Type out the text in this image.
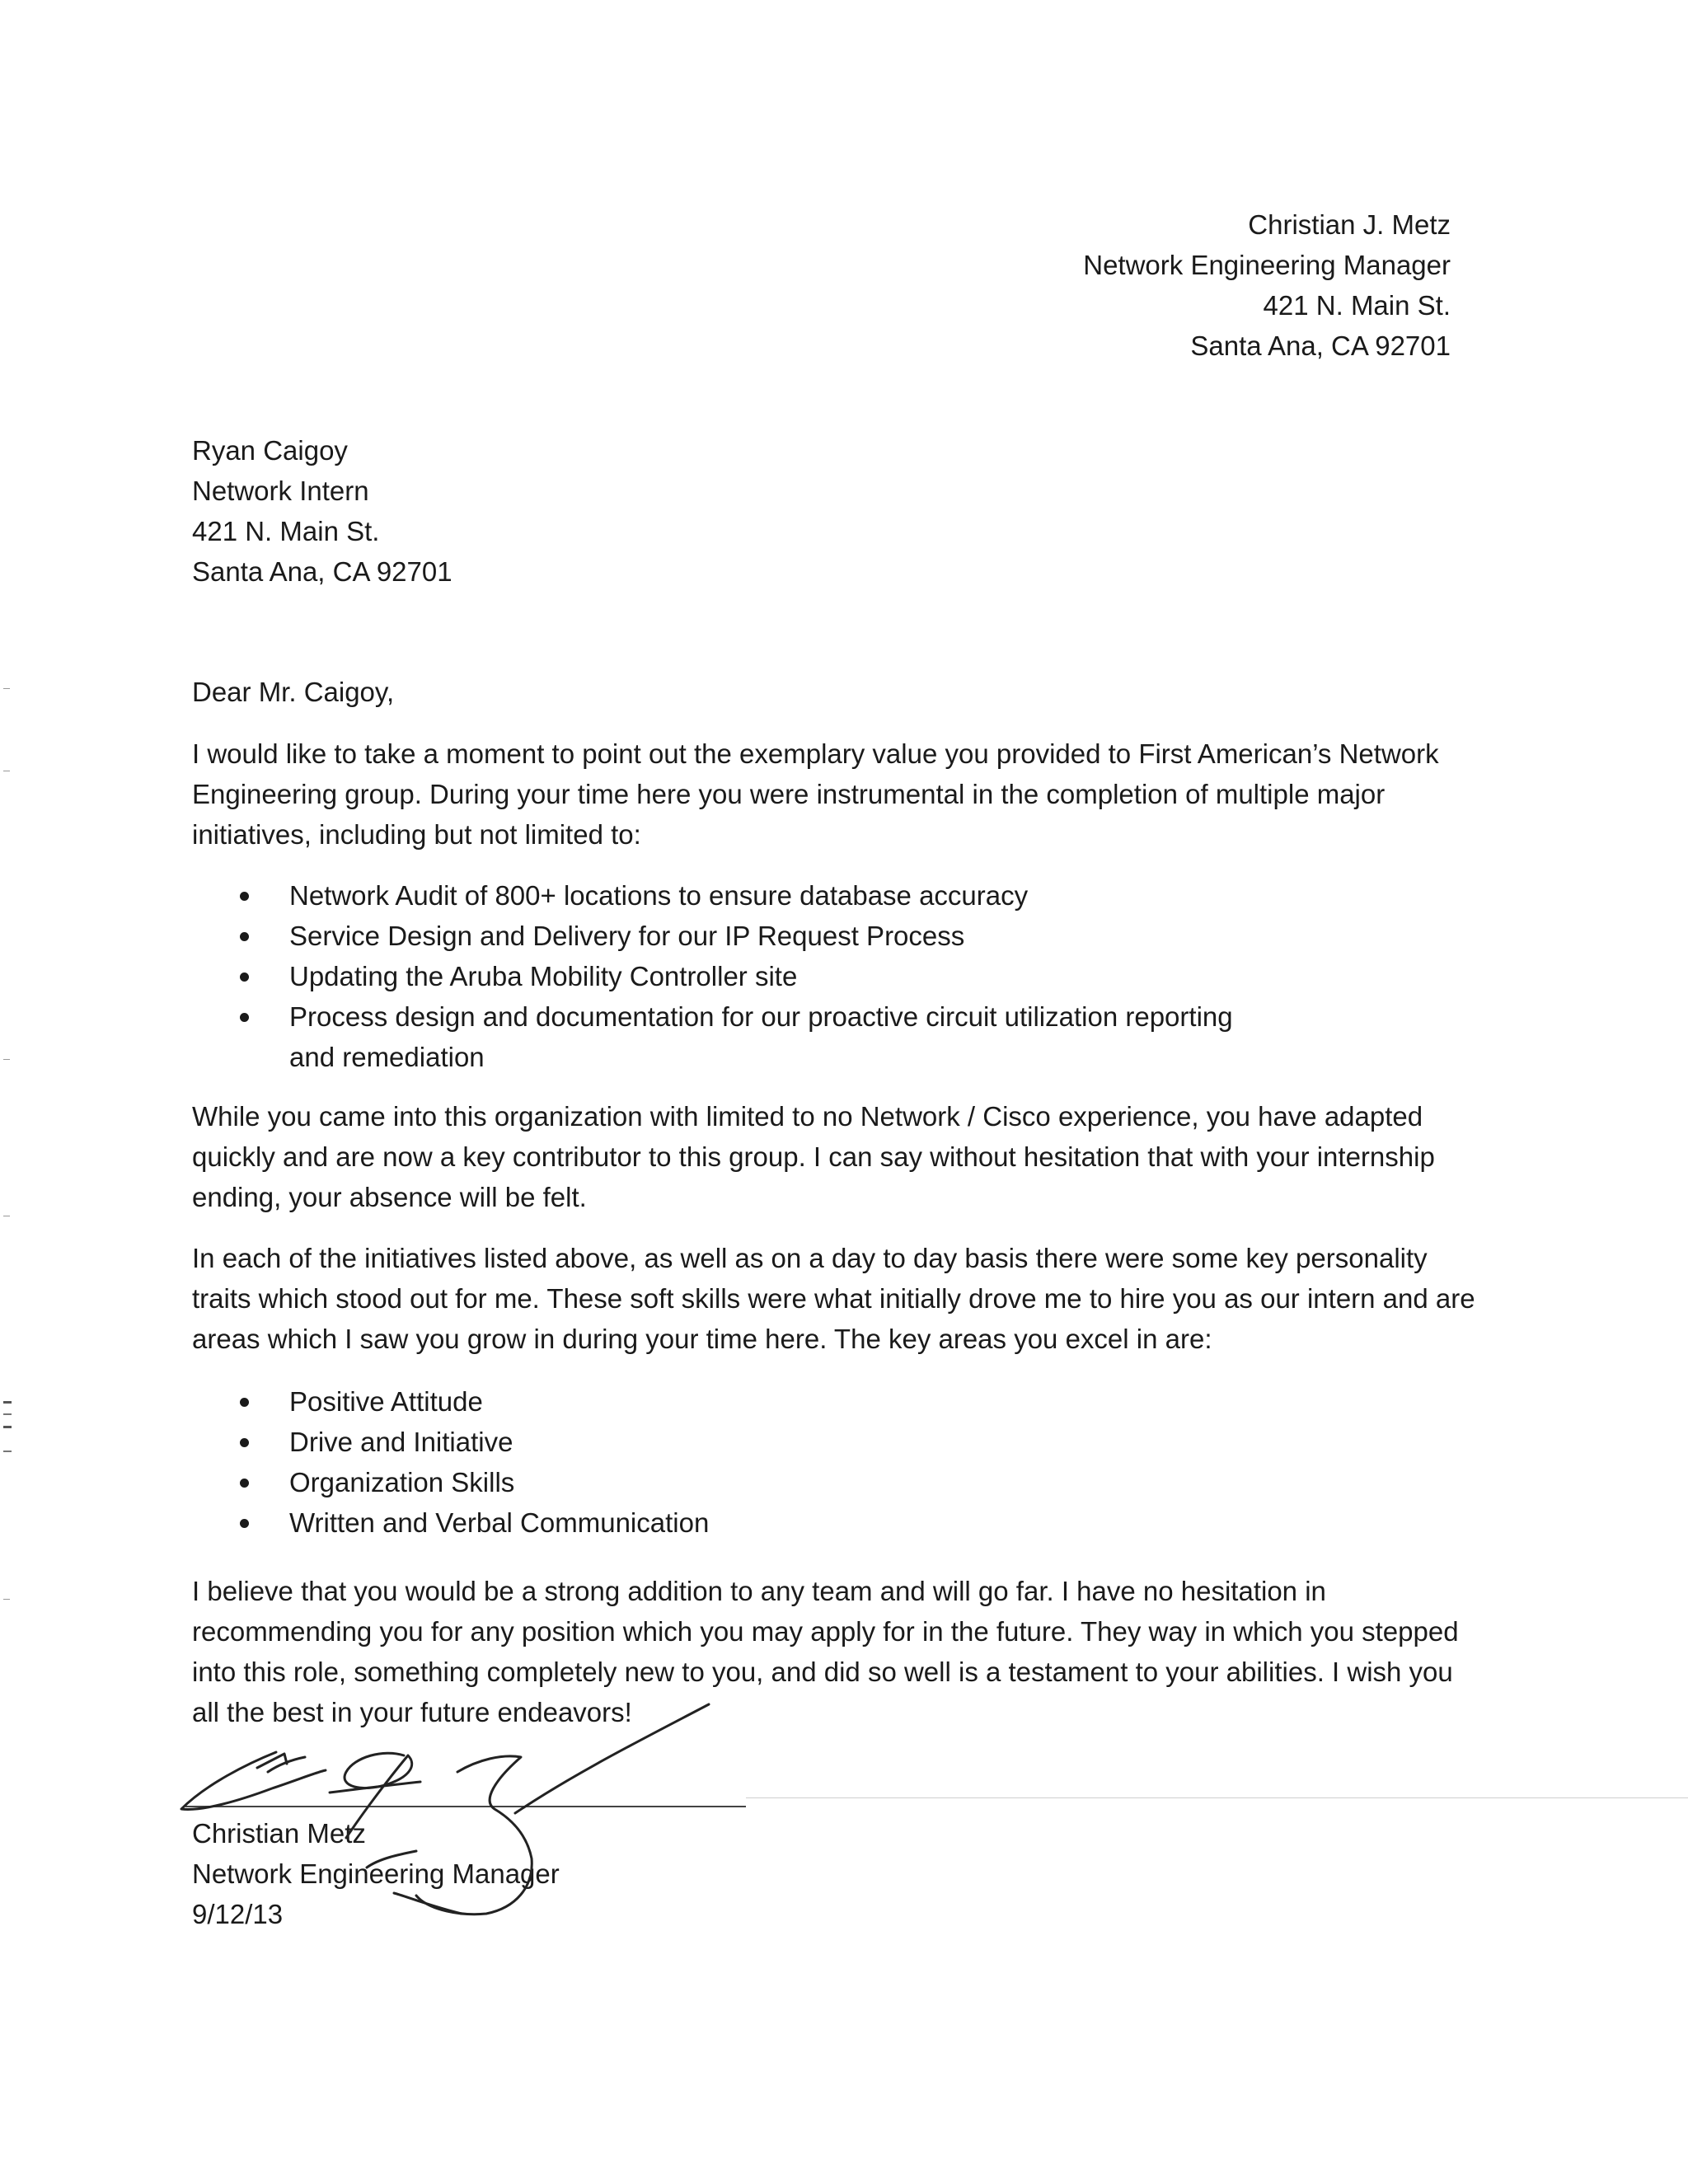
Christian J. Metz
Network Engineering Manager
421 N. Main St.
Santa Ana, CA 92701
Ryan Caigoy
Network Intern
421 N. Main St.
Santa Ana, CA 92701
Dear Mr. Caigoy,

I would like to take a moment to point out the exemplary value you provided to First American’s Network Engineering group. During your time here you were instrumental in the completion of multiple major initiatives, including but not limited to:

Network Audit of 800+ locations to ensure database accuracy
Service Design and Delivery for our IP Request Process
Updating the Aruba Mobility Controller site
Process design and documentation for our proactive circuit utilization reporting and remediation

While you came into this organization with limited to no Network / Cisco experience, you have adapted quickly and are now a key contributor to this group. I can say without hesitation that with your internship ending, your absence will be felt.

In each of the initiatives listed above, as well as on a day to day basis there were some key personality traits which stood out for me. These soft skills were what initially drove me to hire you as our intern and are areas which I saw you grow in during your time here. The key areas you excel in are:

Positive Attitude
Drive and Initiative
Organization Skills
Written and Verbal Communication

I believe that you would be a strong addition to any team and will go far. I have no hesitation in recommending you for any position which you may apply for in the future. They way in which you stepped into this role, something completely new to you, and did so well is a testament to your abilities. I wish you all the best in your future endeavors!

Christian Metz
Network Engineering Manager
9/12/13
